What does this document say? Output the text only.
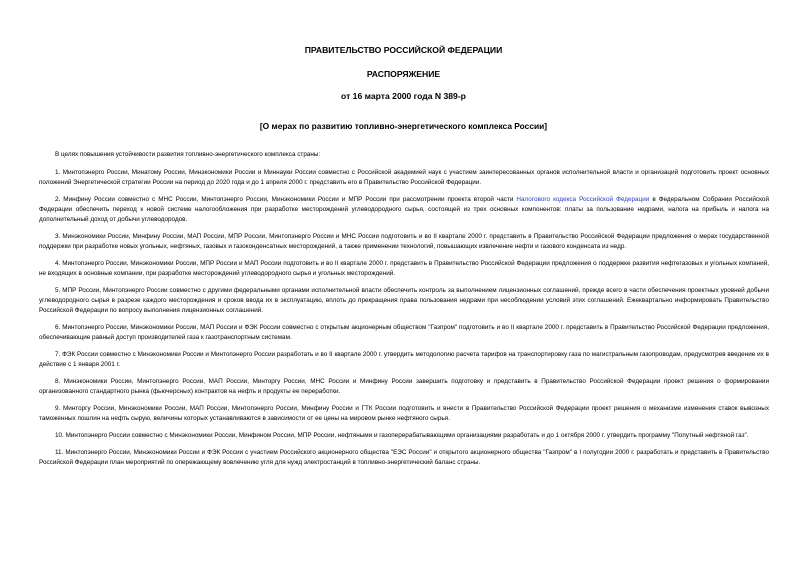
ПРАВИТЕЛЬСТВО РОССИЙСКОЙ ФЕДЕРАЦИИ
РАСПОРЯЖЕНИЕ
от 16 марта 2000 года N 389-р
[О мерах по развитию топливно-энергетического комплекса России]

В целях повышения устойчивости развития топливно-энергетического комплекса страны:

1. Минтопэнерго России, Минатому России, Минэкономики России и Миннауки России совместно с Российской академией наук с участием заинтересованных органов исполнительной власти и организаций подготовить проект основных положений Энергетической стратегии России на период до 2020 года и до 1 апреля 2000 г. представить его в Правительство Российской Федерации.

2. Минфину России совместно с МНС России, Минтопэнерго России, Минэкономики России и МПР России при рассмотрении проекта второй части Налогового кодекса Российской Федерации в Федеральном Собрании Российской Федерации обеспечить переход к новой системе налогообложения при разработке месторождений углеводородного сырья, состоящей из трех основных компонентов: платы за пользование недрами, налога на прибыль и налога на дополнительный доход от добычи углеводородов.

3. Минэкономики России, Минфину России, МАП России, МПР России, Минтопэнерго России и МНС России подготовить и во II квартале 2000 г. представить в Правительство Российской Федерации предложения о мерах государственной поддержки при разработке новых угольных, нефтяных, газовых и газоконденсатных месторождений, а также применении технологий, повышающих извлечение нефти и газового конденсата из недр.

4. Минтопэнерго России, Минэкономики России, МПР России и МАП России подготовить и во II квартале 2000 г. представить в Правительство Российской Федерации предложения о поддержке развития нефтегазовых и угольных компаний, не входящих в основные компании, при разработке месторождений углеводородного сырья и угольных месторождений.

5. МПР России, Минтопэнерго России совместно с другими федеральными органами исполнительной власти обеспечить контроль за выполнением лицензионных соглашений, прежде всего в части обеспечения проектных уровней добычи углеводородного сырья в разрезе каждого месторождения и сроков ввода их в эксплуатацию, вплоть до прекращения права пользования недрами при несоблюдении условий этих соглашений. Ежеквартально информировать Правительство Российской Федерации по вопросу выполнения лицензионных соглашений.

6. Минтопэнерго России, Минэкономики России, МАП России и ФЭК России совместно с открытым акционерным обществом "Газпром" подготовить и во II квартале 2000 г. представить в Правительство Российской Федерации предложения, обеспечивающие равный доступ производителей газа к газотранспортным системам.

7. ФЭК России совместно с Минэкономики России и Минтопэнерго России разработать и во II квартале 2000 г. утвердить методологию расчета тарифов на транспортировку газа по магистральным газопроводам, предусмотрев введение их в действие с 1 января 2001 г.

8. Минэкономики России, Минтопэнерго России, МАП России, Минторгу России, МНС России и Минфину России завершить подготовку и представить в Правительство Российской Федерации проект решения о формировании организованного стандартного рынка (фьючерсных) контрактов на нефть и продукты ее переработки.

9. Минторгу России, Минэкономики России, МАП России, Минтопэнерго России, Минфину России и ГТК России подготовить и внести в Правительство Российской Федерации проект решения о механизме изменения ставок вывозных таможенных пошлин на нефть сырую, величины которых устанавливаются в зависимости от ее цены на мировом рынке нефтяного сырья.

10. Минтопэнерго России совместно с Минэкономики России, Минфином России, МПР России, нефтяными и газоперерабатывающими организациями разработать и до 1 октября 2000 г. утвердить программу "Попутный нефтяной газ".

11. Минтопэнерго России, Минэкономики России и ФЭК России с участием Российского акционерного общества "ЕЭС России" и открытого акционерного общества "Газпром" в I полугодии 2000 г. разработать и представить в Правительство Российской Федерации план мероприятий по опережающему вовлечению угля для нужд электростанций в топливно-энергетический баланс страны.
